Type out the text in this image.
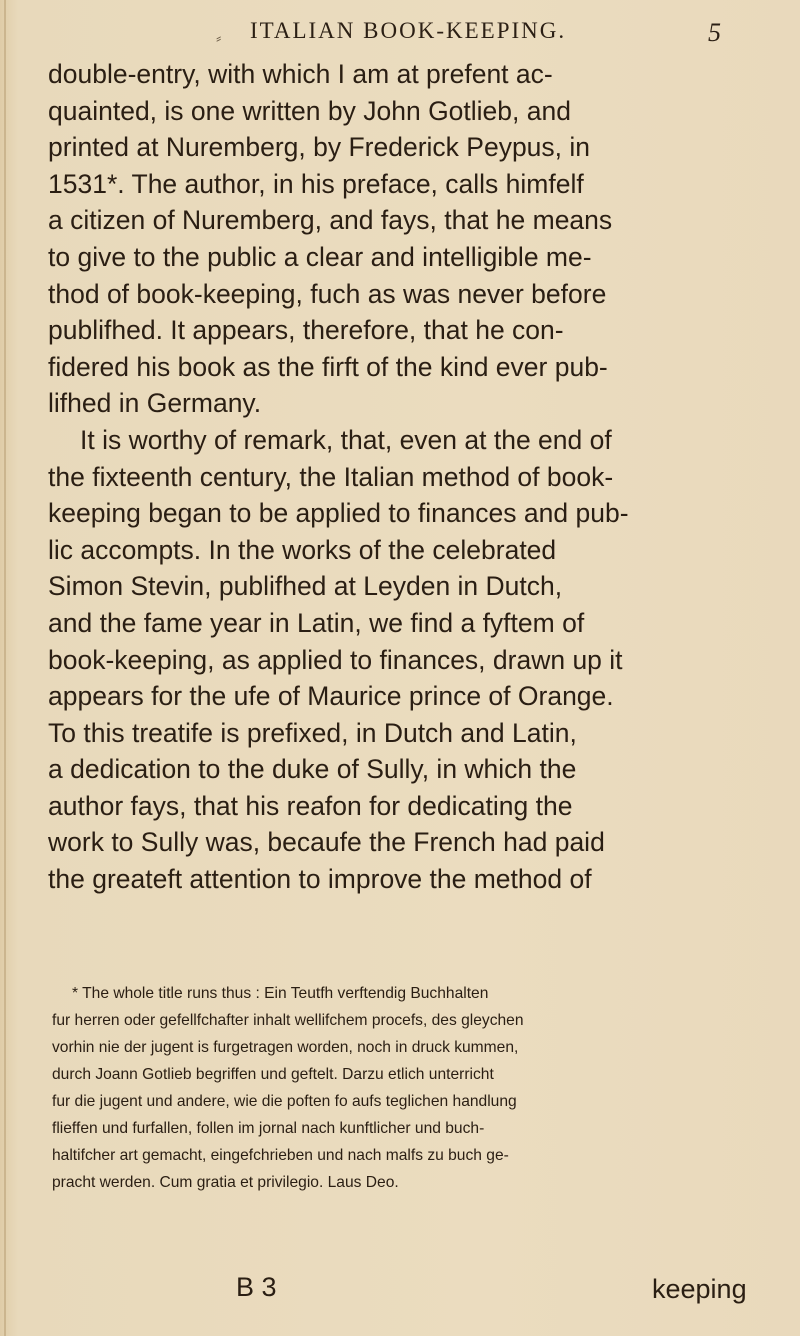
⸗ ITALIAN BOOK-KEEPING.	5
double-entry, with which I am at prefent ac-
quainted, is one written by John Gotlieb, and
printed at Nuremberg, by Frederick Peypus, in
1531*. The author, in his preface, calls himfelf
a citizen of Nuremberg, and fays, that he means
to give to the public a clear and intelligible me-
thod of book-keeping, fuch as was never before
publifhed. It appears, therefore, that he con-
fidered his book as the firft of the kind ever pub-
lifhed in Germany.
It is worthy of remark, that, even at the end of
the fixteenth century, the Italian method of book-
keeping began to be applied to finances and pub-
lic accompts. In the works of the celebrated
Simon Stevin, publifhed at Leyden in Dutch,
and the fame year in Latin, we find a fyftem of
book-keeping, as applied to finances, drawn up it
appears for the ufe of Maurice prince of Orange.
To this treatife is prefixed, in Dutch and Latin,
a dedication to the duke of Sully, in which the
author fays, that his reafon for dedicating the
work to Sully was, becaufe the French had paid
the greateft attention to improve the method of
* The whole title runs thus : Ein Teutfh verftendig Buchhalten
fur herren oder gefellfchafter inhalt wellifchem procefs, des gleychen
vorhin nie der jugent is furgetragen worden, noch in druck kummen,
durch Joann Gotlieb begriffen und geftelt. Darzu etlich unterricht
fur die jugent und andere, wie die poften fo aufs teglichen handlung
flieffen und furfallen, follen im jornal nach kunftlicher und buch-
haltifcher art gemacht, eingefchrieben und nach malfs zu buch ge-
pracht werden. Cum gratia et privilegio. Laus Deo.
B 3	keeping
